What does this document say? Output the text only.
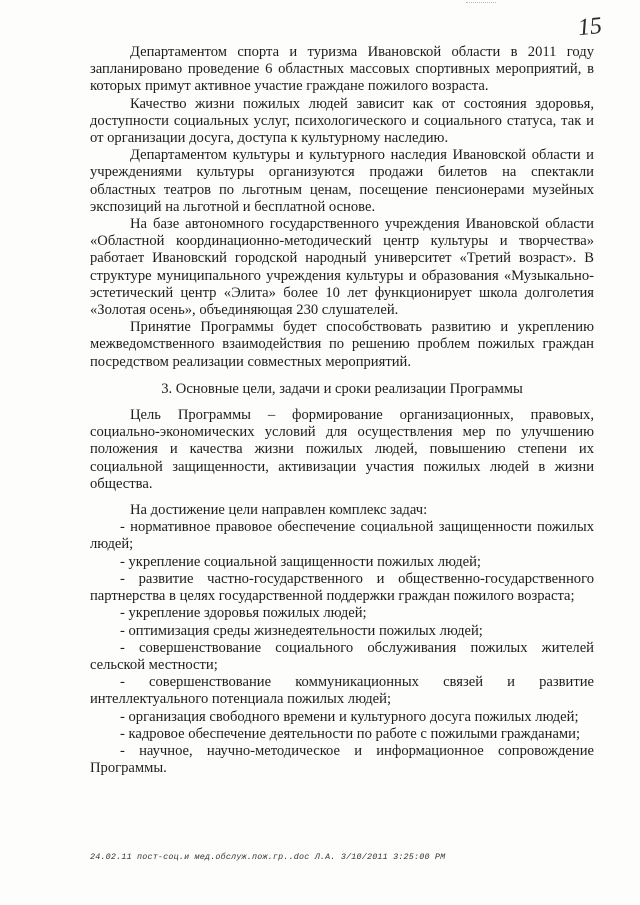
15

Департаментом спорта и туризма Ивановской области в 2011 году запланировано проведение 6 областных массовых спортивных мероприятий, в которых примут активное участие граждане пожилого возраста.

Качество жизни пожилых людей зависит как от состояния здоровья, доступности социальных услуг, психологического и социального статуса, так и от организации досуга, доступа к культурному наследию.

Департаментом культуры и культурного наследия Ивановской области и учреждениями культуры организуются продажи билетов на спектакли областных театров по льготным ценам, посещение пенсионерами музейных экспозиций на льготной и бесплатной основе.

На базе автономного государственного учреждения Ивановской области «Областной координационно-методический центр культуры и творчества» работает Ивановский городской народный университет «Третий возраст». В структуре муниципального учреждения культуры и образования «Музыкально-эстетический центр «Элита» более 10 лет функционирует школа долголетия «Золотая осень», объединяющая 230 слушателей.

Принятие Программы будет способствовать развитию и укреплению межведомственного взаимодействия по решению проблем пожилых граждан посредством реализации совместных мероприятий.

3. Основные цели, задачи и сроки реализации Программы

Цель Программы – формирование организационных, правовых, социально-экономических условий для осуществления мер по улучшению положения и качества жизни пожилых людей, повышению степени их социальной защищенности, активизации участия пожилых людей в жизни общества.

На достижение цели направлен комплекс задач:

- нормативное правовое обеспечение социальной защищенности пожилых людей;
- укрепление социальной защищенности пожилых людей;
- развитие частно-государственного и общественно-государственного партнерства в целях государственной поддержки граждан пожилого возраста;
- укрепление здоровья пожилых людей;
- оптимизация среды жизнедеятельности пожилых людей;
- совершенствование социального обслуживания пожилых жителей сельской местности;
- совершенствование коммуникационных связей и развитие интеллектуального потенциала пожилых людей;
- организация свободного времени и культурного досуга пожилых людей;
- кадровое обеспечение деятельности по работе с пожилыми гражданами;
- научное, научно-методическое и информационное сопровождение Программы.
24.02.11 пост-соц.и мед.обслуж.пож.гр..doc Л.А. 3/10/2011 3:25:00 PM
